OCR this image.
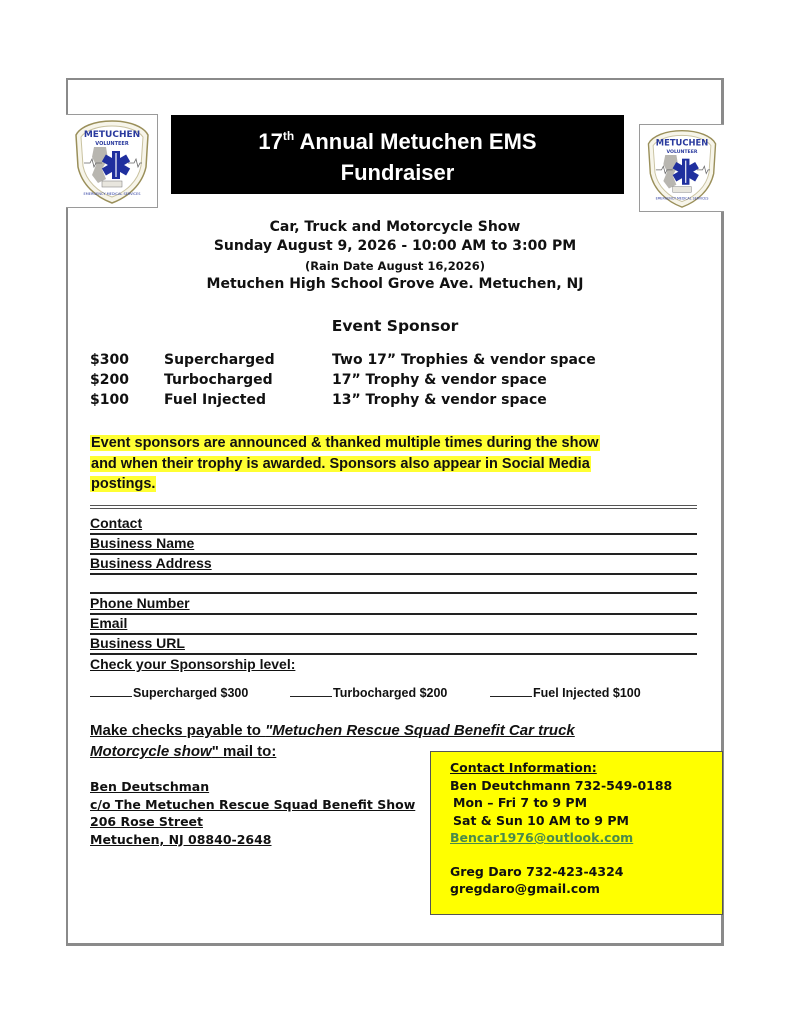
METUCHEN
VOLUNTEER
EMERGENCY MEDICAL SERVICES
17th Annual Metuchen EMS
Fundraiser
METUCHEN
VOLUNTEER
EMERGENCY MEDICAL SERVICES
Car, Truck and Motorcycle Show
Sunday August 9, 2026 - 10:00 AM to 3:00 PM
(Rain Date August 16,2026)
Metuchen High School Grove Ave. Metuchen, NJ
Event Sponsor
$300	Supercharged	Two 17” Trophies & vendor space
$200	Turbocharged	17” Trophy & vendor space
$100	Fuel Injected	13” Trophy & vendor space
Event sponsors are announced & thanked multiple times during the show
and when their trophy is awarded. Sponsors also appear in Social Media
postings.
Contact
Business Name
Business Address
Phone Number
Email
Business URL
Check your Sponsorship level:
Supercharged $300	Turbocharged $200	Fuel Injected $100
Make checks payable to "Metuchen Rescue Squad Benefit Car truck
Motorcycle show" mail to:
Ben Deutschman
c/o The Metuchen Rescue Squad Benefit Show
206 Rose Street
Metuchen, NJ 08840-2648
Contact Information:
Ben Deutchmann 732-549-0188
Mon – Fri 7 to 9 PM
Sat & Sun 10 AM to 9 PM
Bencar1976@outlook.com
Greg Daro 732-423-4324
gregdaro@gmail.com
